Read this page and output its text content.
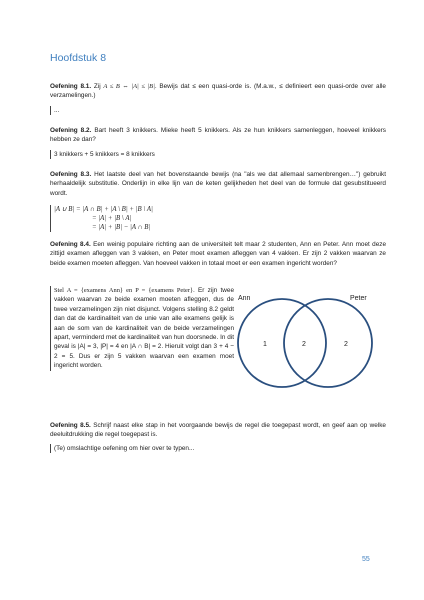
Hoofdstuk 8
Oefening 8.1. Zij A ≤ B ⇔ |A| ≤ |B|. Bewijs dat ≤ een quasi-orde is. (M.a.w., ≤ definieert een quasi-orde over alle verzamelingen.)
...
Oefening 8.2. Bart heeft 3 knikkers. Mieke heeft 5 knikkers. Als ze hun knikkers samenleggen, hoeveel knikkers hebben ze dan?
3 knikkers + 5 knikkers = 8 knikkers
Oefening 8.3. Het laatste deel van het bovenstaande bewijs (na "als we dat allemaal samenbrengen…") gebruikt herhaaldelijk substitutie. Onderlijn in elke lijn van de keten gelijkheden het deel van de formule dat gesubstitueerd wordt.
|A ∪ B| = |A ∩ B| + |A \ B| + |B \ A|
= |A| + |B \ A|
= |A| + |B| − |A ∩ B|
Oefening 8.4. Een weinig populaire richting aan de universiteit telt maar 2 studenten, Ann en Peter. Ann moet deze zittijd examen afleggen van 3 vakken, en Peter moet examen afleggen van 4 vakken. Er zijn 2 vakken waarvan ze beide examen moeten afleggen. Van hoeveel vakken in totaal moet er een examen ingericht worden?
Stel A = {examens Ann} en P = {examens Peter}. Er zijn twee vakken waarvan ze beide examen moeten afleggen, dus de twee verzamelingen zijn niet disjunct. Volgens stelling 8.2 geldt dan dat de kardinaliteit van de unie van alle examens gelijk is aan de som van de kardinaliteit van de beide verzamelingen apart, verminderd met de kardinaliteit van hun doorsnede. In dit geval is |A| = 3, |P| = 4 en |A ∩ B| = 2. Hieruit volgt dan 3 + 4 − 2 = 5. Dus er zijn 5 vakken waarvan een examen moet ingericht worden.
Ann	Peter
1	2	2
Oefening 8.5. Schrijf naast elke stap in het voorgaande bewijs de regel die toegepast wordt, en geef aan op welke deeluitdrukking die regel toegepast is.
(Te) omslachtige oefening om hier over te typen...
55
